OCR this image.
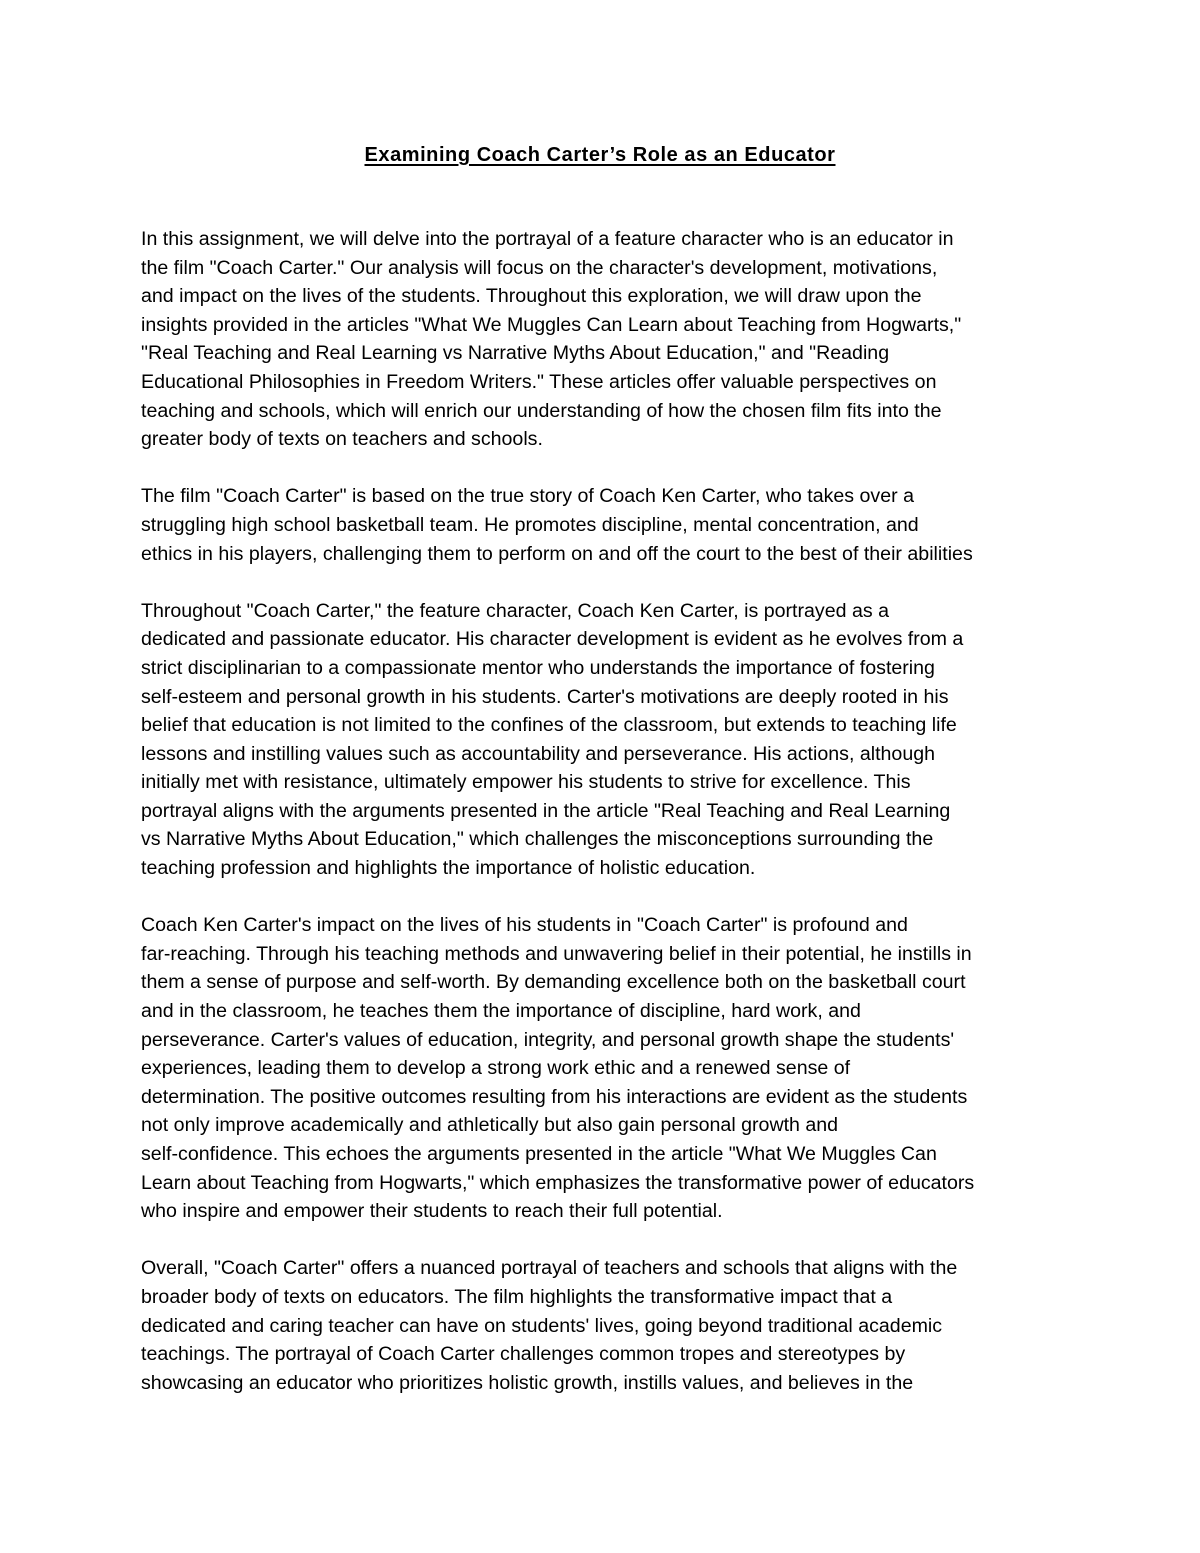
Examining Coach Carter’s Role as an Educator

In this assignment, we will delve into the portrayal of a feature character who is an educator in
the film "Coach Carter." Our analysis will focus on the character's development, motivations,
and impact on the lives of the students. Throughout this exploration, we will draw upon the
insights provided in the articles "What We Muggles Can Learn about Teaching from Hogwarts,"
"Real Teaching and Real Learning vs Narrative Myths About Education," and "Reading
Educational Philosophies in Freedom Writers." These articles offer valuable perspectives on
teaching and schools, which will enrich our understanding of how the chosen film fits into the
greater body of texts on teachers and schools.

The film "Coach Carter" is based on the true story of Coach Ken Carter, who takes over a
struggling high school basketball team. He promotes discipline, mental concentration, and
ethics in his players, challenging them to perform on and off the court to the best of their abilities

Throughout "Coach Carter," the feature character, Coach Ken Carter, is portrayed as a
dedicated and passionate educator. His character development is evident as he evolves from a
strict disciplinarian to a compassionate mentor who understands the importance of fostering
self-esteem and personal growth in his students. Carter's motivations are deeply rooted in his
belief that education is not limited to the confines of the classroom, but extends to teaching life
lessons and instilling values such as accountability and perseverance. His actions, although
initially met with resistance, ultimately empower his students to strive for excellence. This
portrayal aligns with the arguments presented in the article "Real Teaching and Real Learning
vs Narrative Myths About Education," which challenges the misconceptions surrounding the
teaching profession and highlights the importance of holistic education.

Coach Ken Carter's impact on the lives of his students in "Coach Carter" is profound and
far-reaching. Through his teaching methods and unwavering belief in their potential, he instills in
them a sense of purpose and self-worth. By demanding excellence both on the basketball court
and in the classroom, he teaches them the importance of discipline, hard work, and
perseverance. Carter's values of education, integrity, and personal growth shape the students'
experiences, leading them to develop a strong work ethic and a renewed sense of
determination. The positive outcomes resulting from his interactions are evident as the students
not only improve academically and athletically but also gain personal growth and
self-confidence. This echoes the arguments presented in the article "What We Muggles Can
Learn about Teaching from Hogwarts," which emphasizes the transformative power of educators
who inspire and empower their students to reach their full potential.

Overall, "Coach Carter" offers a nuanced portrayal of teachers and schools that aligns with the
broader body of texts on educators. The film highlights the transformative impact that a
dedicated and caring teacher can have on students' lives, going beyond traditional academic
teachings. The portrayal of Coach Carter challenges common tropes and stereotypes by
showcasing an educator who prioritizes holistic growth, instills values, and believes in the
